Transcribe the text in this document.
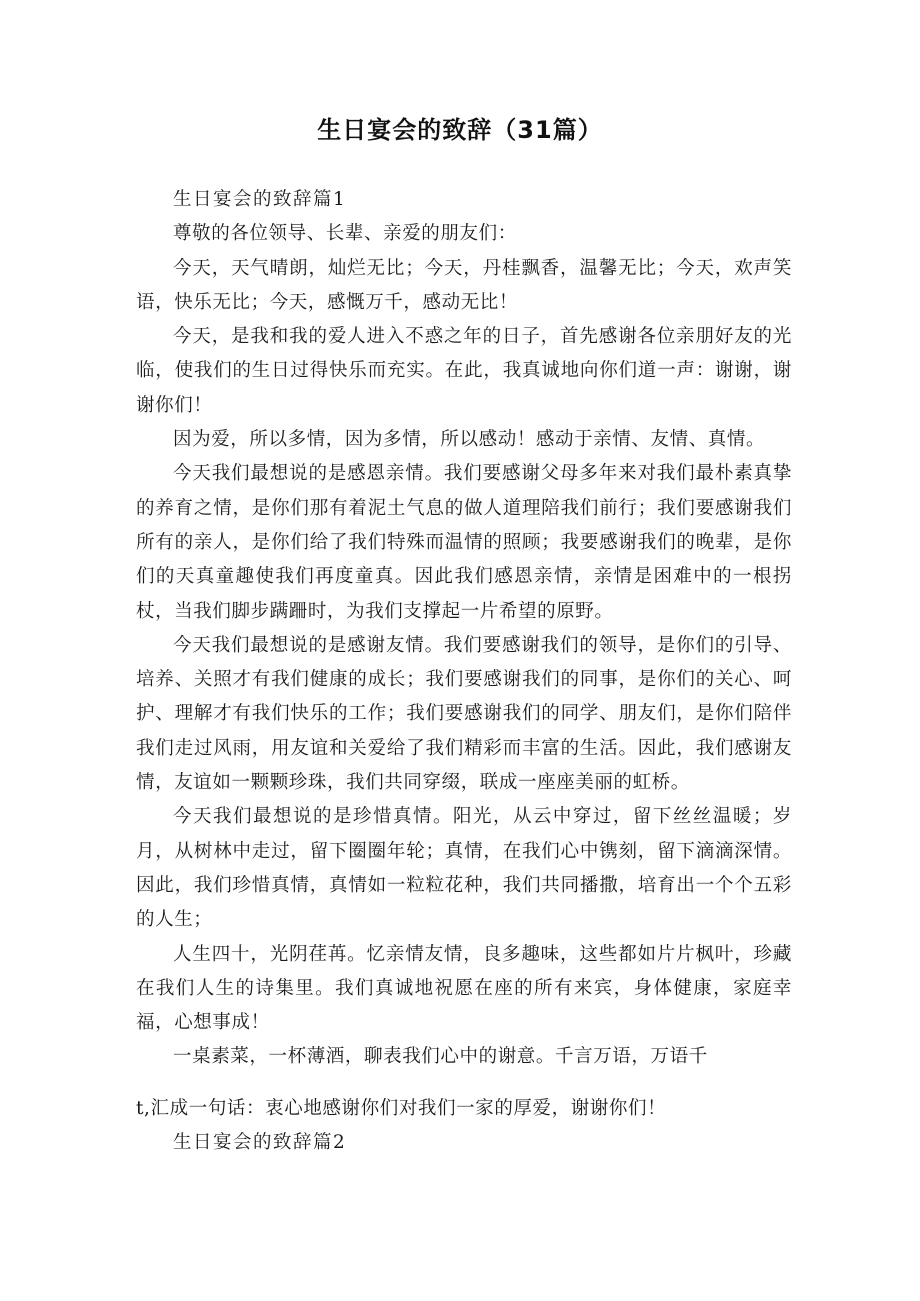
生日宴会的致辞（31篇）

生日宴会的致辞篇1

尊敬的各位领导、长辈、亲爱的朋友们：

今天，天气晴朗，灿烂无比；今天，丹桂飘香，温馨无比；今天，欢声笑语，快乐无比；今天，感慨万千，感动无比！

今天，是我和我的爱人进入不惑之年的日子，首先感谢各位亲朋好友的光临，使我们的生日过得快乐而充实。在此，我真诚地向你们道一声：谢谢，谢谢你们！

因为爱，所以多情，因为多情，所以感动！感动于亲情、友情、真情。

今天我们最想说的是感恩亲情。我们要感谢父母多年来对我们最朴素真挚的养育之情，是你们那有着泥土气息的做人道理陪我们前行；我们要感谢我们所有的亲人，是你们给了我们特殊而温情的照顾；我要感谢我们的晚辈，是你们的天真童趣使我们再度童真。因此我们感恩亲情，亲情是困难中的一根拐杖，当我们脚步蹒跚时，为我们支撑起一片希望的原野。

今天我们最想说的是感谢友情。我们要感谢我们的领导，是你们的引导、培养、关照才有我们健康的成长；我们要感谢我们的同事，是你们的关心、呵护、理解才有我们快乐的工作；我们要感谢我们的同学、朋友们，是你们陪伴我们走过风雨，用友谊和关爱给了我们精彩而丰富的生活。因此，我们感谢友情，友谊如一颗颗珍珠，我们共同穿缀，联成一座座美丽的虹桥。

今天我们最想说的是珍惜真情。阳光，从云中穿过，留下丝丝温暖；岁月，从树林中走过，留下圈圈年轮；真情，在我们心中镌刻，留下滴滴深情。因此，我们珍惜真情，真情如一粒粒花种，我们共同播撒，培育出一个个五彩的人生；

人生四十，光阴荏苒。忆亲情友情，良多趣味，这些都如片片枫叶，珍藏在我们人生的诗集里。我们真诚地祝愿在座的所有来宾，身体健康，家庭幸福，心想事成！

一桌素菜，一杯薄酒，聊表我们心中的谢意。千言万语，万语千

t,汇成一句话：衷心地感谢你们对我们一家的厚爱，谢谢你们！

生日宴会的致辞篇2
